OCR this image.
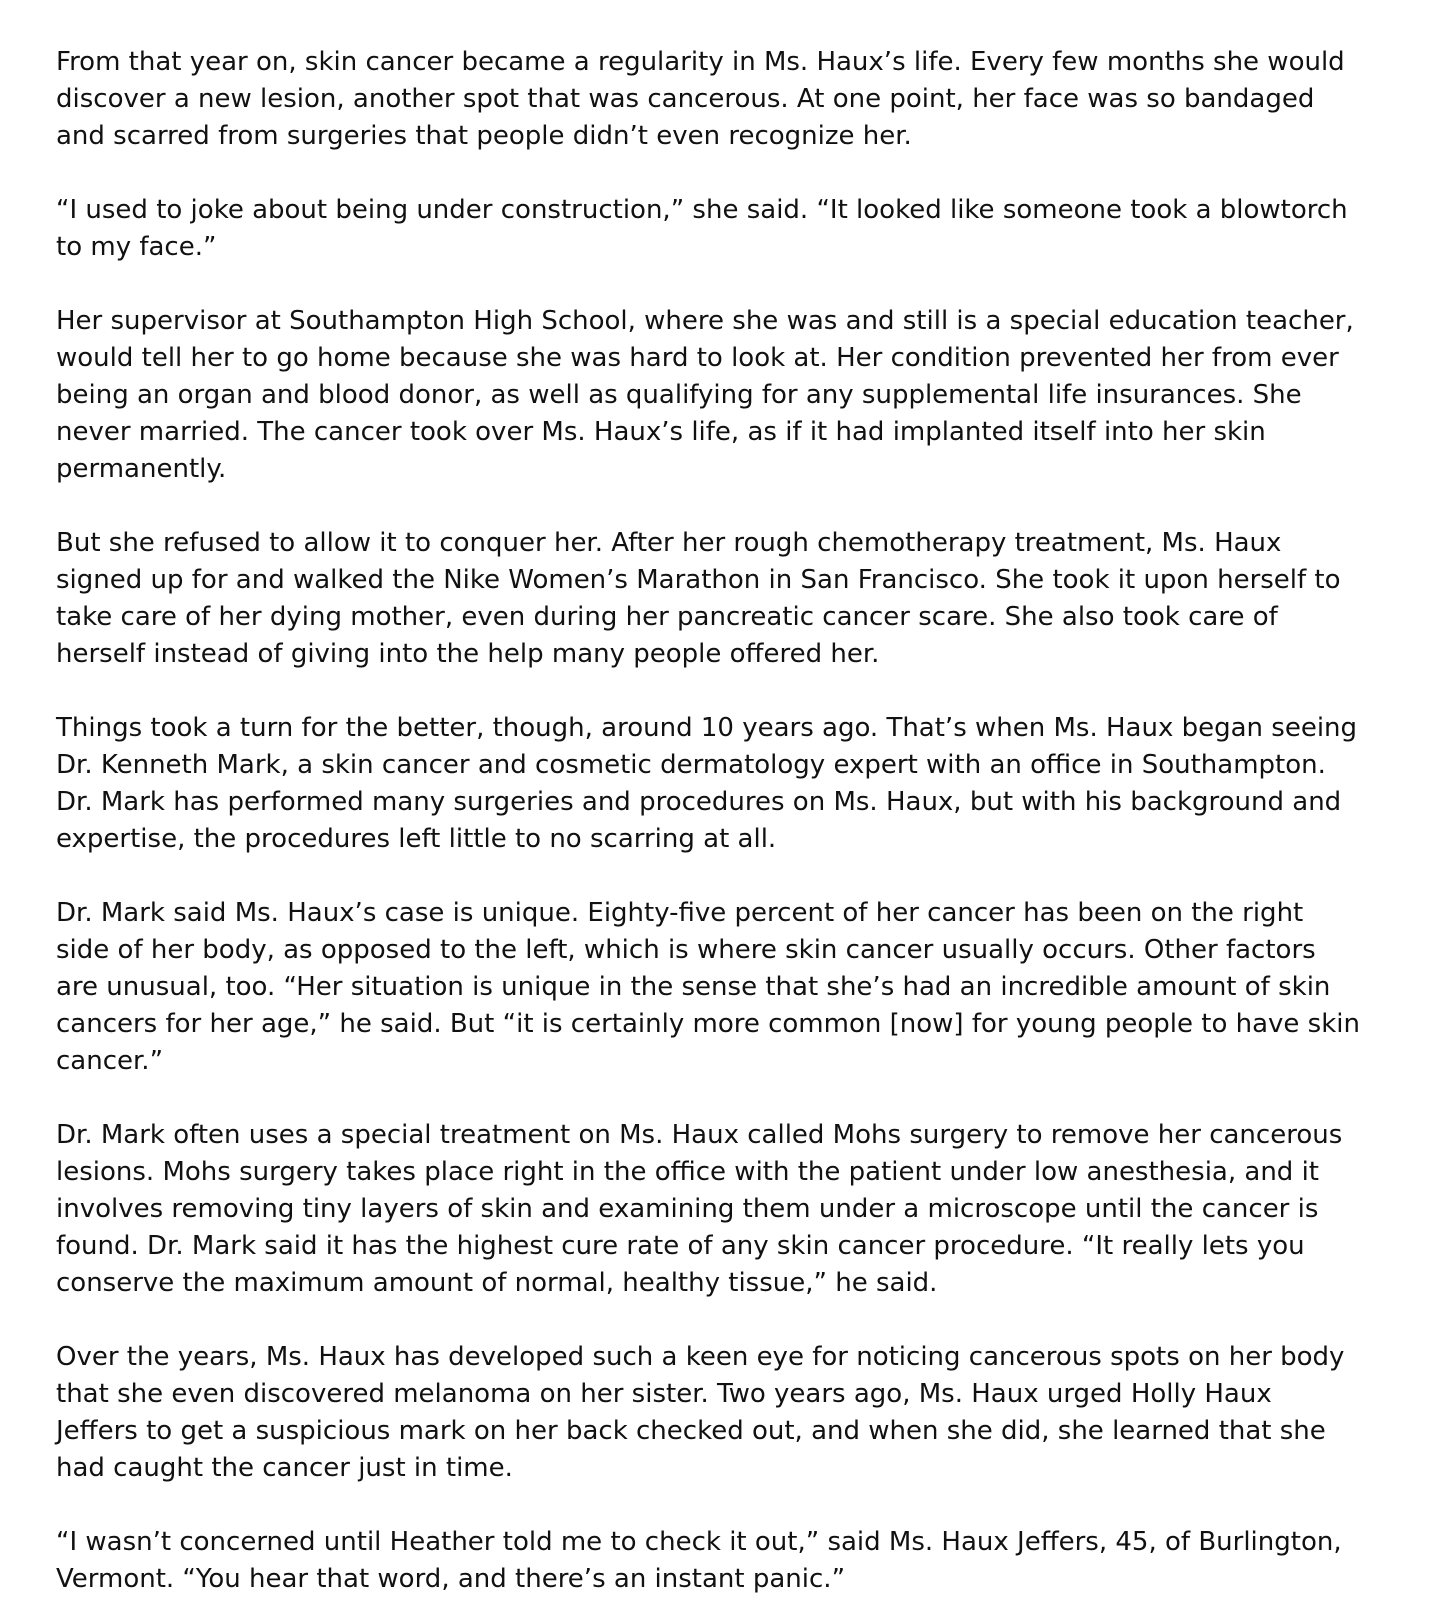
From that year on, skin cancer became a regularity in Ms. Haux’s life. Every few months she would
discover a new lesion, another spot that was cancerous. At one point, her face was so bandaged
and scarred from surgeries that people didn’t even recognize her.

“I used to joke about being under construction,” she said. “It looked like someone took a blowtorch
to my face.”

Her supervisor at Southampton High School, where she was and still is a special education teacher,
would tell her to go home because she was hard to look at. Her condition prevented her from ever
being an organ and blood donor, as well as qualifying for any supplemental life insurances. She
never married. The cancer took over Ms. Haux’s life, as if it had implanted itself into her skin
permanently.

But she refused to allow it to conquer her. After her rough chemotherapy treatment, Ms. Haux
signed up for and walked the Nike Women’s Marathon in San Francisco. She took it upon herself to
take care of her dying mother, even during her pancreatic cancer scare. She also took care of
herself instead of giving into the help many people offered her.

Things took a turn for the better, though, around 10 years ago. That’s when Ms. Haux began seeing
Dr. Kenneth Mark, a skin cancer and cosmetic dermatology expert with an office in Southampton.
Dr. Mark has performed many surgeries and procedures on Ms. Haux, but with his background and
expertise, the procedures left little to no scarring at all.

Dr. Mark said Ms. Haux’s case is unique. Eighty-five percent of her cancer has been on the right
side of her body, as opposed to the left, which is where skin cancer usually occurs. Other factors
are unusual, too. “Her situation is unique in the sense that she’s had an incredible amount of skin
cancers for her age,” he said. But “it is certainly more common [now] for young people to have skin
cancer.”

Dr. Mark often uses a special treatment on Ms. Haux called Mohs surgery to remove her cancerous
lesions. Mohs surgery takes place right in the office with the patient under low anesthesia, and it
involves removing tiny layers of skin and examining them under a microscope until the cancer is
found. Dr. Mark said it has the highest cure rate of any skin cancer procedure. “It really lets you
conserve the maximum amount of normal, healthy tissue,” he said.

Over the years, Ms. Haux has developed such a keen eye for noticing cancerous spots on her body
that she even discovered melanoma on her sister. Two years ago, Ms. Haux urged Holly Haux
Jeffers to get a suspicious mark on her back checked out, and when she did, she learned that she
had caught the cancer just in time.

“I wasn’t concerned until Heather told me to check it out,” said Ms. Haux Jeffers, 45, of Burlington,
Vermont. “You hear that word, and there’s an instant panic.”
